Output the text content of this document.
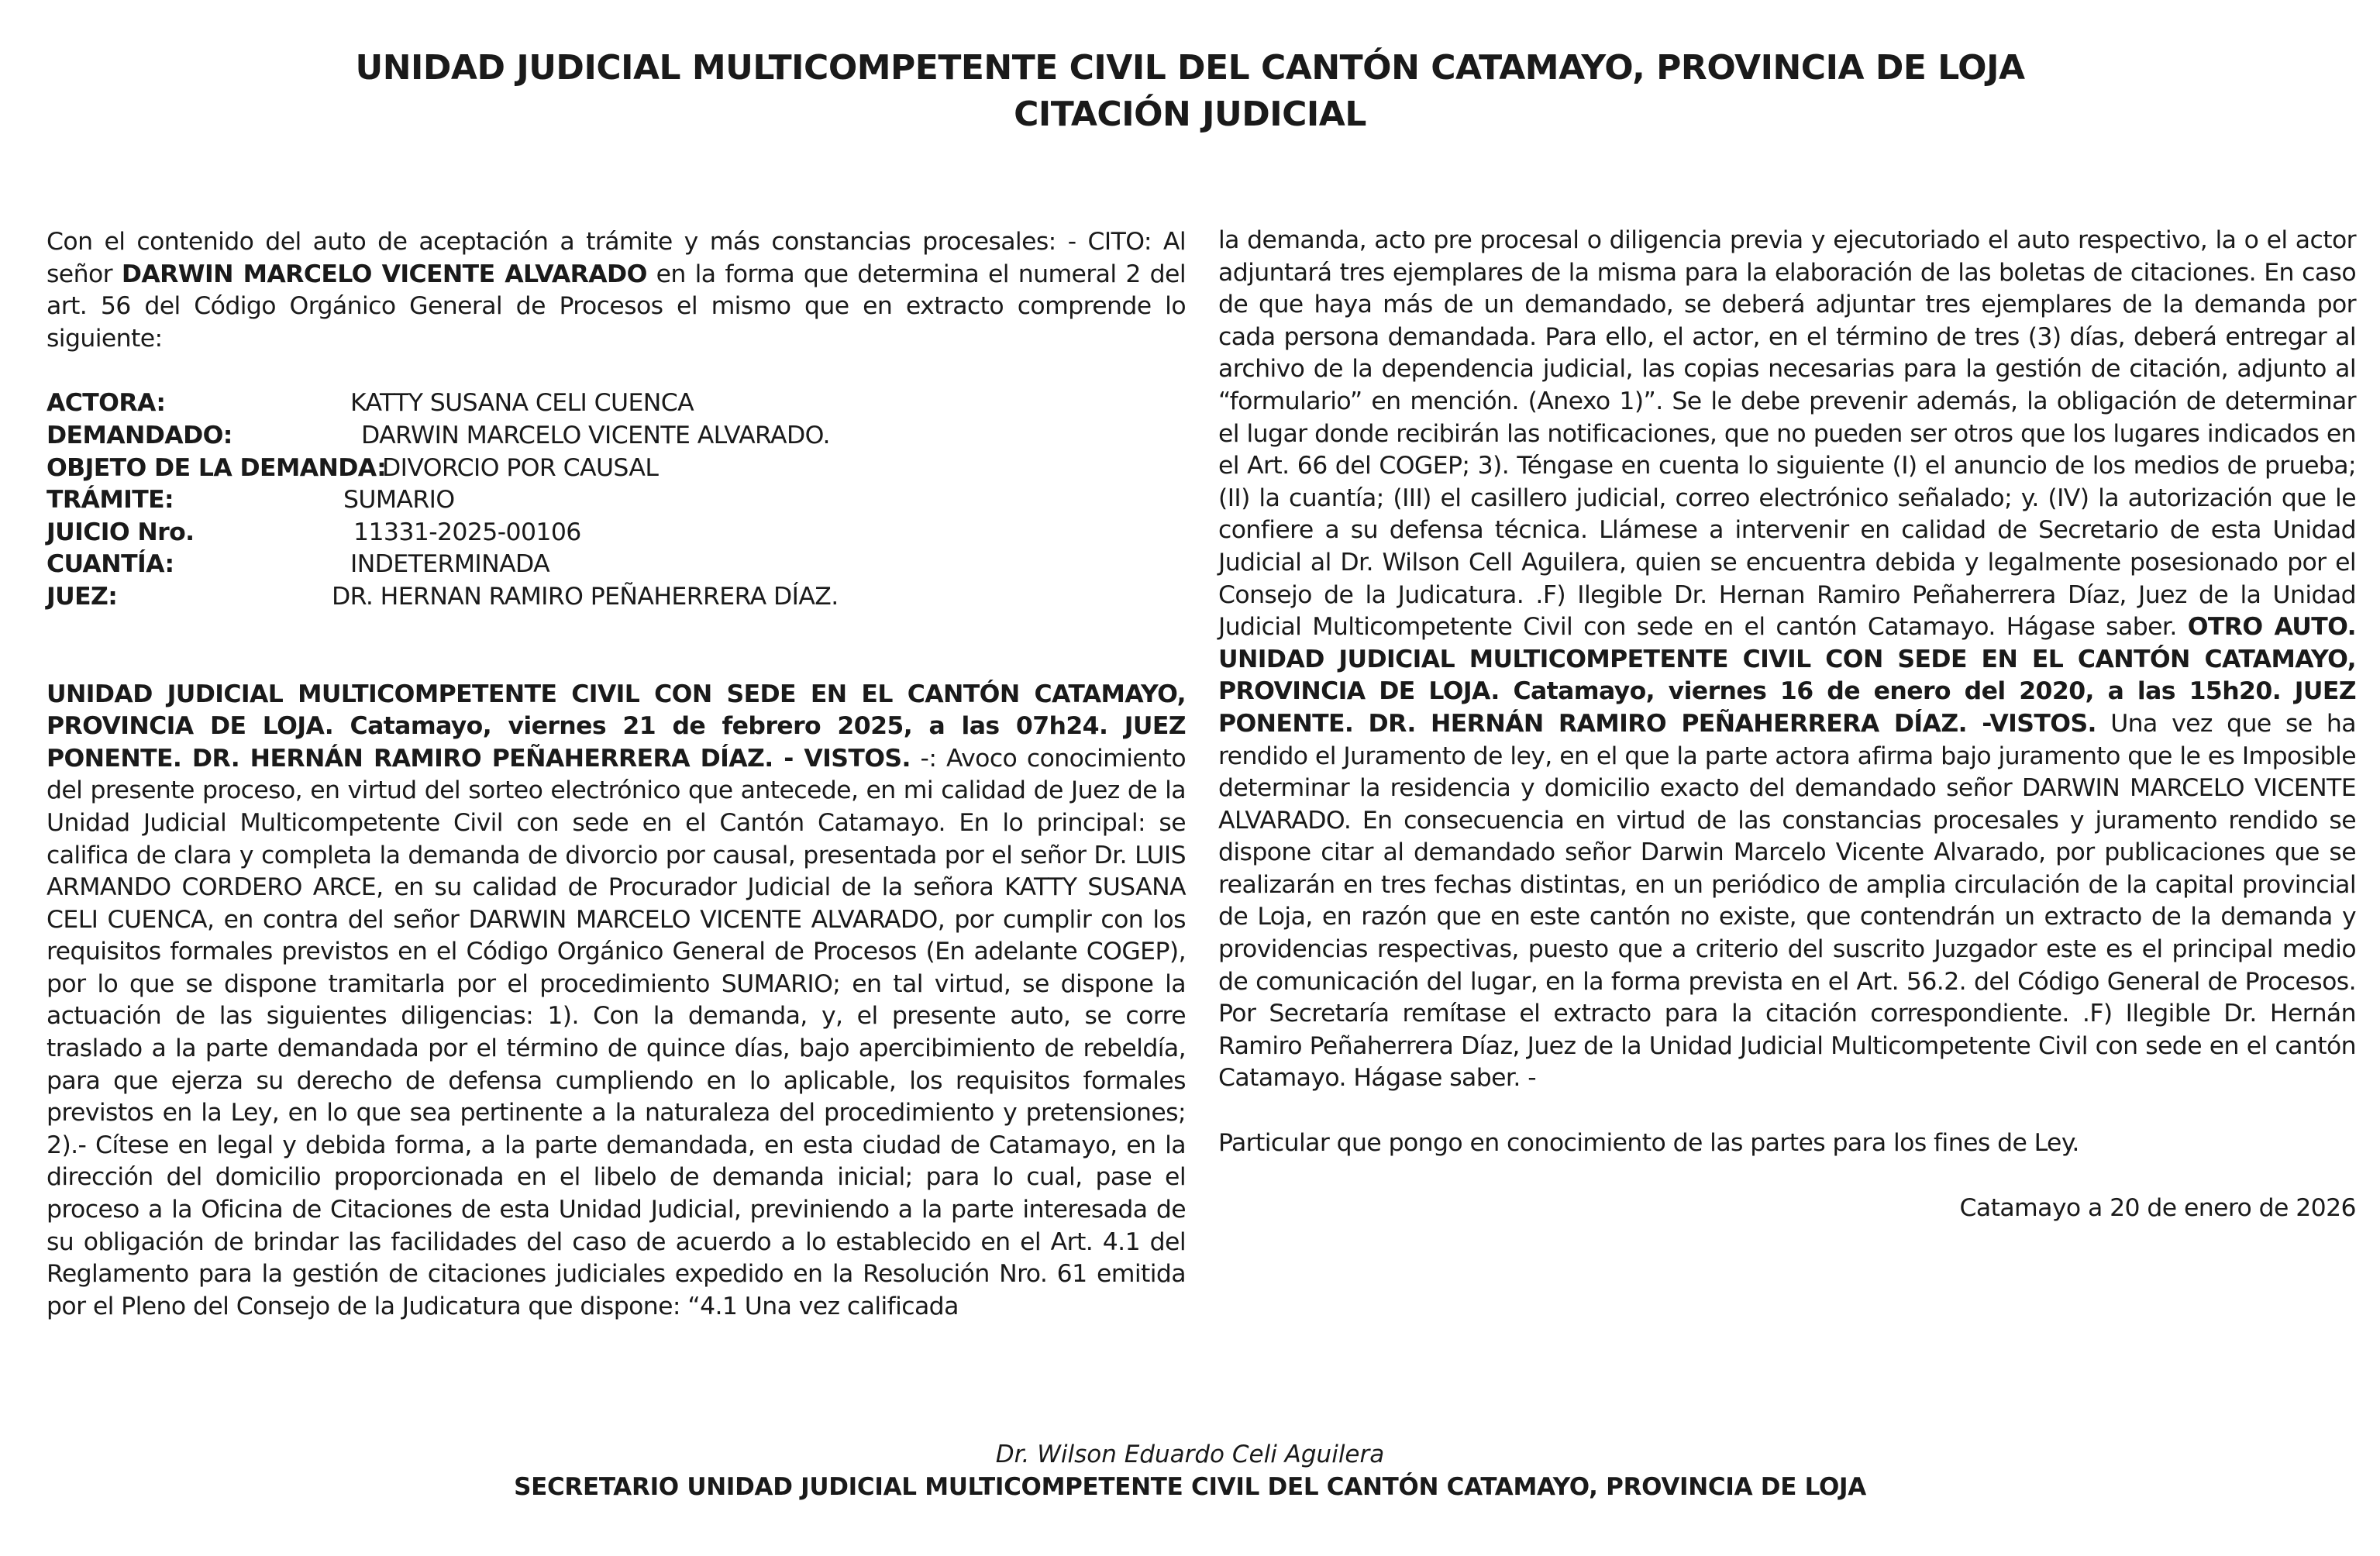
UNIDAD JUDICIAL MULTICOMPETENTE CIVIL DEL CANTÓN CATAMAYO, PROVINCIA DE LOJA
CITACIÓN JUDICIAL

Con el contenido del auto de aceptación a trámite y más constancias procesales: - CITO: Al señor DARWIN MARCELO VICENTE ALVARADO en la forma que determina el numeral 2 del art. 56 del Código Orgánico General de Procesos el mismo que en extracto comprende lo siguiente:

ACTORA:	KATTY SUSANA CELI CUENCA
DEMANDADO:	DARWIN MARCELO VICENTE ALVARADO.
OBJETO DE LA DEMANDA:
DIVORCIO POR CAUSAL
TRÁMITE:	SUMARIO
JUICIO Nro.	11331-2025-00106
CUANTÍA:	INDETERMINADA
JUEZ:	DR. HERNAN RAMIRO PEÑAHERRERA DÍAZ.

UNIDAD JUDICIAL MULTICOMPETENTE CIVIL CON SEDE EN EL CANTÓN CATAMAYO, PROVINCIA DE LOJA. Catamayo, viernes 21 de febrero 2025, a las 07h24. JUEZ PONENTE. DR. HERNÁN RAMIRO PEÑAHERRERA DÍAZ. - VISTOS. -: Avoco conocimiento del presente proceso, en virtud del sorteo electrónico que antecede, en mi calidad de Juez de la Unidad Judicial Multicompetente Civil con sede en el Cantón Catamayo. En lo principal: se califica de clara y completa la demanda de divorcio por causal, presentada por el señor Dr. LUIS ARMANDO CORDERO ARCE, en su calidad de Procurador Judicial de la señora KATTY SUSANA CELI CUENCA, en contra del señor DARWIN MARCELO VICENTE ALVARADO, por cumplir con los requisitos formales previstos en el Código Orgánico General de Procesos (En adelante COGEP), por lo que se dispone tramitarla por el procedimiento SUMARIO; en tal virtud, se dispone la actuación de las siguientes diligencias: 1). Con la demanda, y, el presente auto, se corre traslado a la parte demandada por el término de quince días, bajo apercibimiento de rebeldía, para que ejerza su derecho de defensa cumpliendo en lo aplicable, los requisitos formales previstos en la Ley, en lo que sea pertinente a la naturaleza del procedimiento y pretensiones; 2).- Cítese en legal y debida forma, a la parte demandada, en esta ciudad de Catamayo, en la dirección del domicilio proporcionada en el libelo de demanda inicial; para lo cual, pase el proceso a la Oficina de Citaciones de esta Unidad Judicial, previniendo a la parte interesada de su obligación de brindar las facilidades del caso de acuerdo a lo establecido en el Art. 4.1 del Reglamento para la gestión de citaciones judiciales expedido en la Resolución Nro. 61 emitida por el Pleno del Consejo de la Judicatura que dispone: “4.1 Una vez calificada

la demanda, acto pre procesal o diligencia previa y ejecutoriado el auto respectivo, la o el actor adjuntará tres ejemplares de la misma para la elaboración de las boletas de citaciones. En caso de que haya más de un demandado, se deberá adjuntar tres ejemplares de la demanda por cada persona demandada. Para ello, el actor, en el término de tres (3) días, deberá entregar al archivo de la dependencia judicial, las copias necesarias para la gestión de citación, adjunto al “formulario” en mención. (Anexo 1)”. Se le debe prevenir además, la obligación de determinar el lugar donde recibirán las notificaciones, que no pueden ser otros que los lugares indicados en el Art. 66 del COGEP; 3). Téngase en cuenta lo siguiente (I) el anuncio de los medios de prueba; (II) la cuantía; (III) el casillero judicial, correo electrónico señalado; y. (IV) la autorización que le confiere a su defensa técnica. Llámese a intervenir en calidad de Secretario de esta Unidad Judicial al Dr. Wilson Cell Aguilera, quien se encuentra debida y legalmente posesionado por el Consejo de la Judicatura. .F) Ilegible Dr. Hernan Ramiro Peñaherrera Díaz, Juez de la Unidad Judicial Multicompetente Civil con sede en el cantón Catamayo. Hágase saber. OTRO AUTO. UNIDAD JUDICIAL MULTICOMPETENTE CIVIL CON SEDE EN EL CANTÓN CATAMAYO, PROVINCIA DE LOJA. Catamayo, viernes 16 de enero del 2020, a las 15h20. JUEZ PONENTE. DR. HERNÁN RAMIRO PEÑAHERRERA DÍAZ. -VISTOS. Una vez que se ha rendido el Juramento de ley, en el que la parte actora afirma bajo juramento que le es Imposible determinar la residencia y domicilio exacto del demandado señor DARWIN MARCELO VICENTE ALVARADO. En consecuencia en virtud de las constancias procesales y juramento rendido se dispone citar al demandado señor Darwin Marcelo Vicente Alvarado, por publicaciones que se realizarán en tres fechas distintas, en un periódico de amplia circulación de la capital provincial de Loja, en razón que en este cantón no existe, que contendrán un extracto de la demanda y providencias respectivas, puesto que a criterio del suscrito Juzgador este es el principal medio de comunicación del lugar, en la forma prevista en el Art. 56.2. del Código General de Procesos. Por Secretaría remítase el extracto para la citación correspondiente. .F) Ilegible Dr. Hernán Ramiro Peñaherrera Díaz, Juez de la Unidad Judicial Multicompetente Civil con sede en el cantón Catamayo. Hágase saber. -

Particular que pongo en conocimiento de las partes para los fines de Ley.

Catamayo a 20 de enero de 2026

Dr. Wilson Eduardo Celi Aguilera
SECRETARIO UNIDAD JUDICIAL MULTICOMPETENTE CIVIL DEL CANTÓN CATAMAYO, PROVINCIA DE LOJA
